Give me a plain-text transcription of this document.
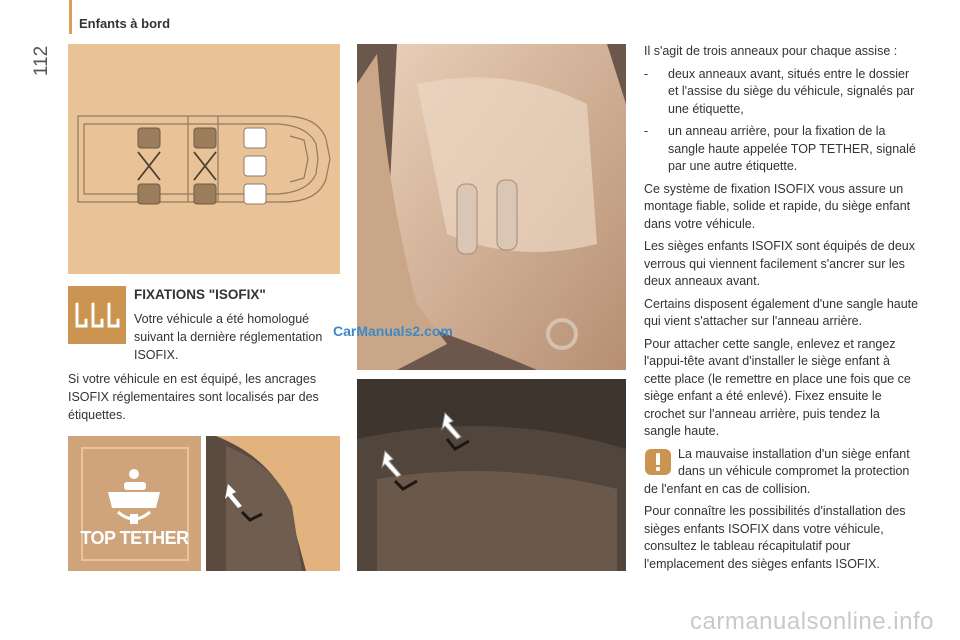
112
Enfants à bord
FIXATIONS "ISOFIX"
Votre véhicule a été homologué suivant la dernière réglementation ISOFIX.
Si votre véhicule en est équipé, les ancrages ISOFIX réglementaires sont localisés par des étiquettes.
TOP TETHER
CarManuals2.com

Il s'agit de trois anneaux pour chaque assise :

-	deux anneaux avant, situés entre le dossier et l'assise du siège du véhicule, signalés par une étiquette,
-	un anneau arrière, pour la fixation de la sangle haute appelée TOP TETHER, signalé par une autre étiquette.

Ce système de fixation ISOFIX vous assure un montage fiable, solide et rapide, du siège enfant dans votre véhicule.

Les sièges enfants ISOFIX sont équipés de deux verrous qui viennent facilement s'ancrer sur les deux anneaux avant.

Certains disposent également d'une sangle haute qui vient s'attacher sur l'anneau arrière.

Pour attacher cette sangle, enlevez et rangez l'appui-tête avant d'installer le siège enfant à cette place (le remettre en place une fois que ce siège enfant a été enlevé). Fixez ensuite le crochet sur l'anneau arrière, puis tendez la sangle haute.

La mauvaise installation d'un siège enfant dans un véhicule compromet la protection de l'enfant en cas de collision.

Pour connaître les possibilités d'installation des sièges enfants ISOFIX dans votre véhicule, consultez le tableau récapitulatif pour l'emplacement des sièges enfants ISOFIX.

carmanualsonline.info
